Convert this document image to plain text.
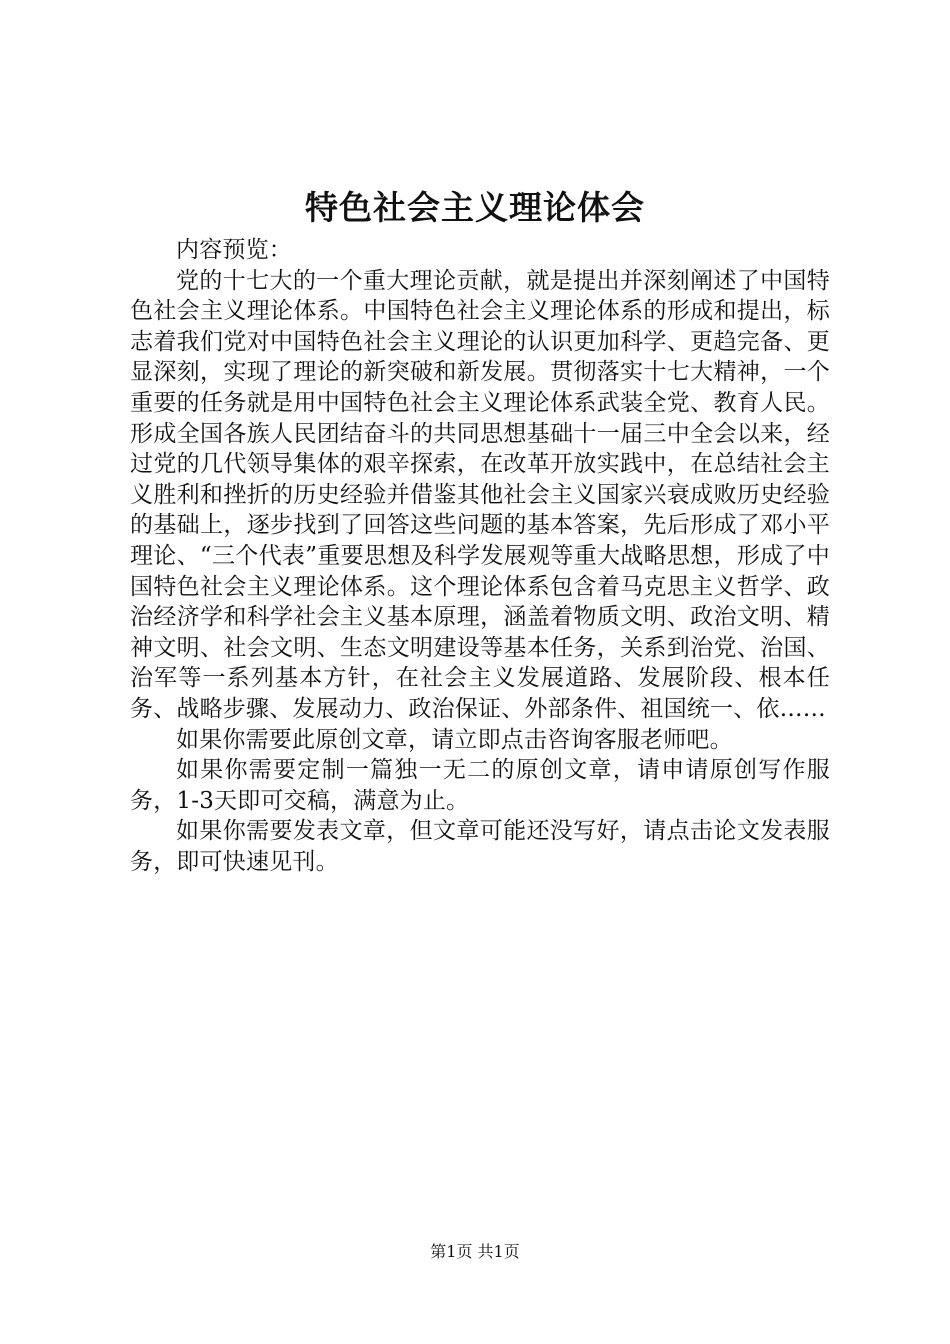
特色社会主义理论体会

内容预览：

党的十七大的一个重大理论贡献，就是提出并深刻阐述了中国特色社会主义理论体系。中国特色社会主义理论体系的形成和提出，标志着我们党对中国特色社会主义理论的认识更加科学、更趋完备、更显深刻，实现了理论的新突破和新发展。贯彻落实十七大精神，一个重要的任务就是用中国特色社会主义理论体系武装全党、教育人民。形成全国各族人民团结奋斗的共同思想基础十一届三中全会以来，经过党的几代领导集体的艰辛探索，在改革开放实践中，在总结社会主义胜利和挫折的历史经验并借鉴其他社会主义国家兴衰成败历史经验的基础上，逐步找到了回答这些问题的基本答案，先后形成了邓小平理论、“三个代表”重要思想及科学发展观等重大战略思想，形成了中国特色社会主义理论体系。这个理论体系包含着马克思主义哲学、政治经济学和科学社会主义基本原理，涵盖着物质文明、政治文明、精神文明、社会文明、生态文明建设等基本任务，关系到治党、治国、治军等一系列基本方针，在社会主义发展道路、发展阶段、根本任务、战略步骤、发展动力、政治保证、外部条件、祖国统一、依……

如果你需要此原创文章，请立即点击咨询客服老师吧。

如果你需要定制一篇独一无二的原创文章，请申请原创写作服务，1-3天即可交稿，满意为止。

如果你需要发表文章，但文章可能还没写好，请点击论文发表服务，即可快速见刊。

第1页 共1页
